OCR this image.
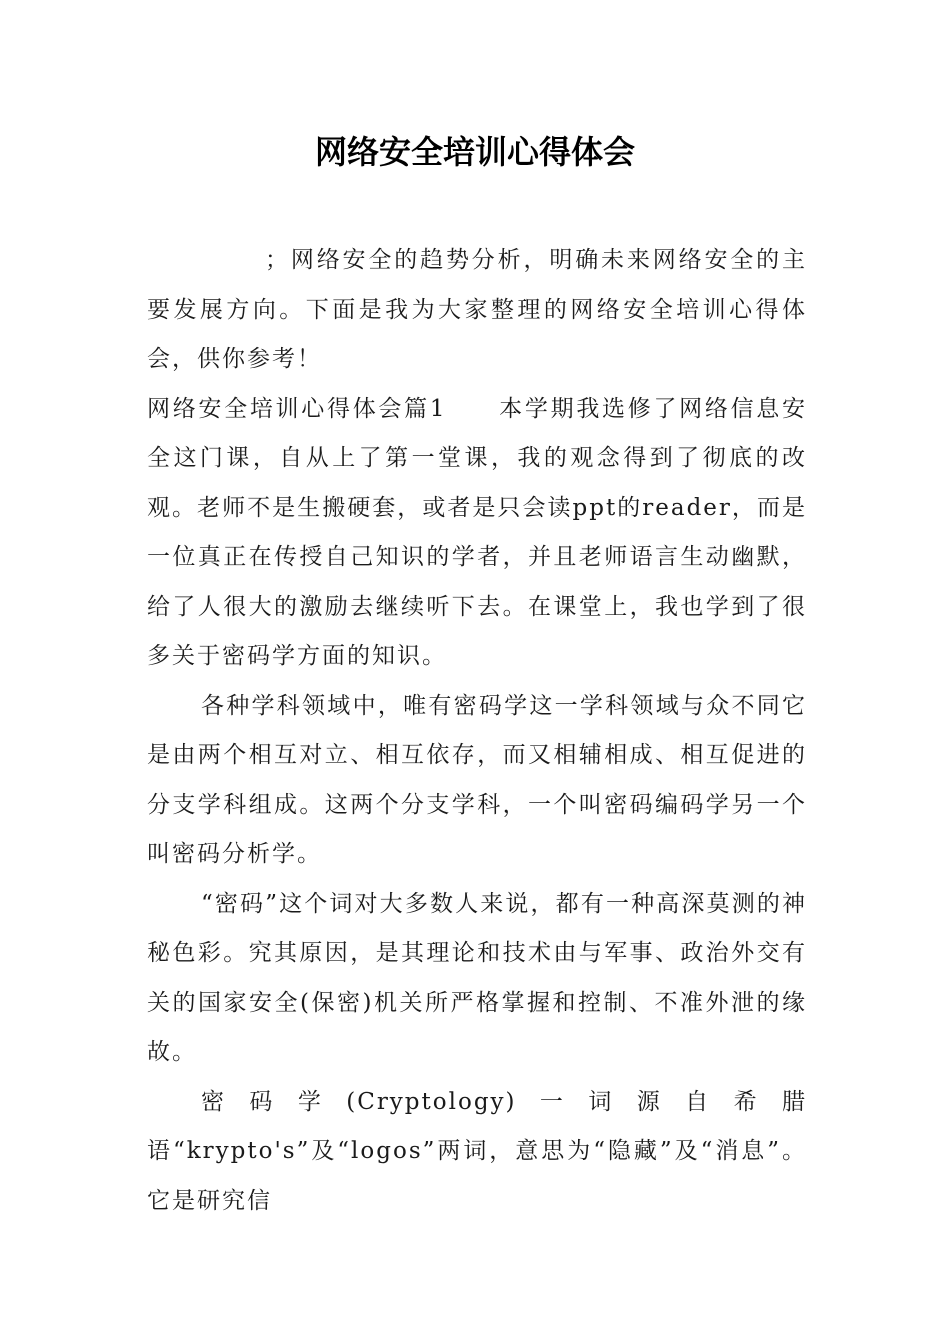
网络安全培训心得体会

；网络安全的趋势分析，明确未来网络安全的主要发展方向。下面是我为大家整理的网络安全培训心得体会，供你参考！

网络安全培训心得体会篇1 本学期我选修了网络信息安全这门课，自从上了第一堂课，我的观念得到了彻底的改观。老师不是生搬硬套，或者是只会读ppt的reader，而是一位真正在传授自己知识的学者，并且老师语言生动幽默，给了人很大的激励去继续听下去。在课堂上，我也学到了很多关于密码学方面的知识。

各种学科领域中，唯有密码学这一学科领域与众不同它是由两个相互对立、相互依存，而又相辅相成、相互促进的分支学科组成。这两个分支学科，一个叫密码编码学另一个叫密码分析学。

“密码”这个词对大多数人来说，都有一种高深莫测的神秘色彩。究其原因，是其理论和技术由与军事、政治外交有关的国家安全(保密)机关所严格掌握和控制、不准外泄的缘故。

密码学(Cryptology)一词源自希腊语“krypto's”及“logos”两词，意思为“隐藏”及“消息”。它是研究信
